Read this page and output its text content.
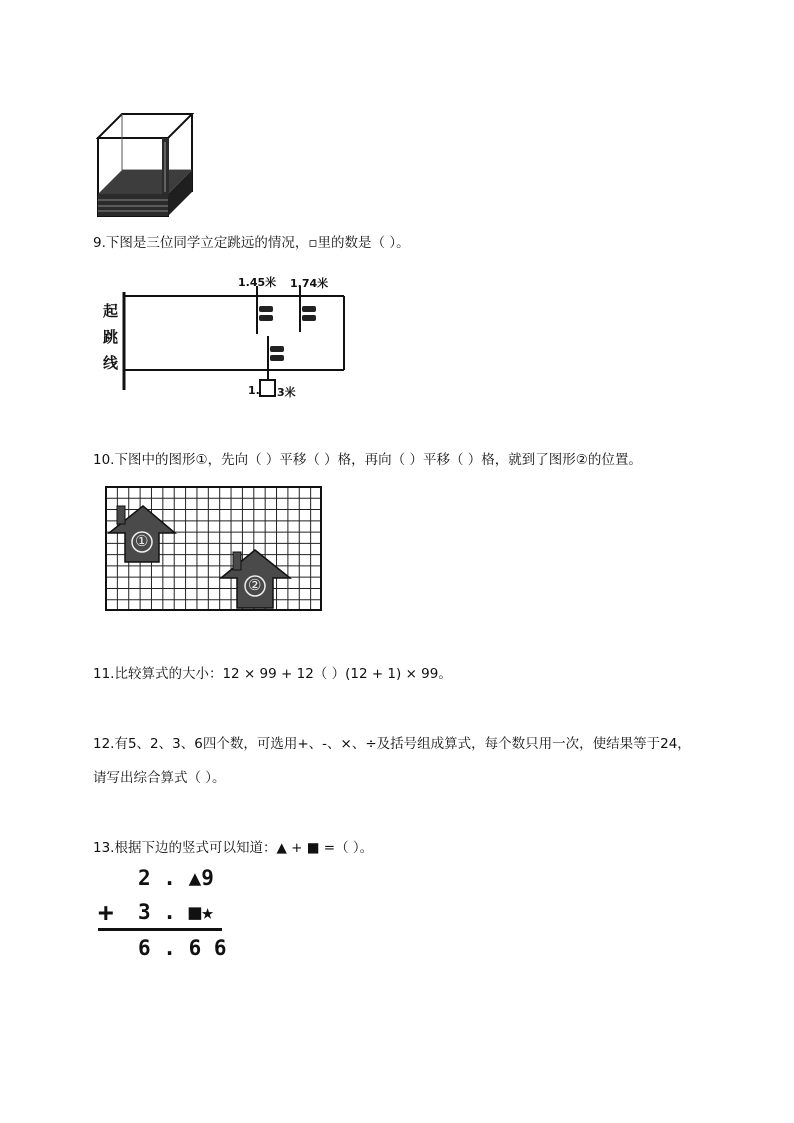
9.下图是三位同学立定跳远的情况，▫里的数是（ ）。
起
跳
线
1.45米 1.74米
1. 3米
10.下图中的图形①，先向（ ）平移（ ）格，再向（ ）平移（ ）格，就到了图形②的位置。
①
②
11.比较算式的大小：12 × 99 + 12（ ）(12 + 1) × 99。
12.有5、2、3、6四个数，可选用+、-、×、÷及括号组成算式，每个数只用一次，使结果等于24，
请写出综合算式（ ）。
13.根据下边的竖式可以知道：▲ + ■ =（ ）。
2 . ▲9
+ 3 . ■★
6 . 6 6
